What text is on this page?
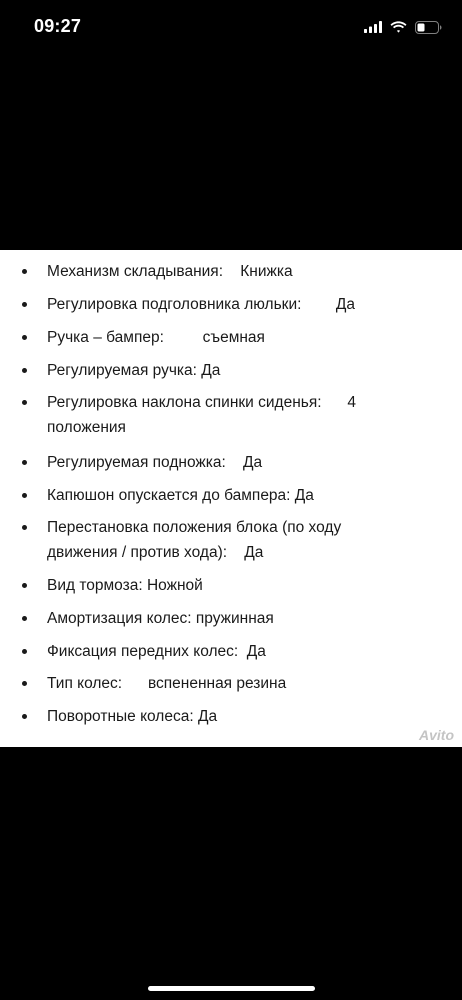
09:27
Механизм складывания:    Книжка
Регулировка подголовника люльки:        Да
Ручка – бампер:         съемная
Регулируемая ручка: Да
Регулировка наклона спинки сиденья:      4
положения
Регулируемая подножка:    Да
Капюшон опускается до бампера: Да
Перестановка положения блока (по ходу
движения / против хода):    Да
Вид тормоза: Ножной
Амортизация колес: пружинная
Фиксация передних колес:  Да
Тип колес:      вспененная резина
Поворотные колеса: Да
Avito
